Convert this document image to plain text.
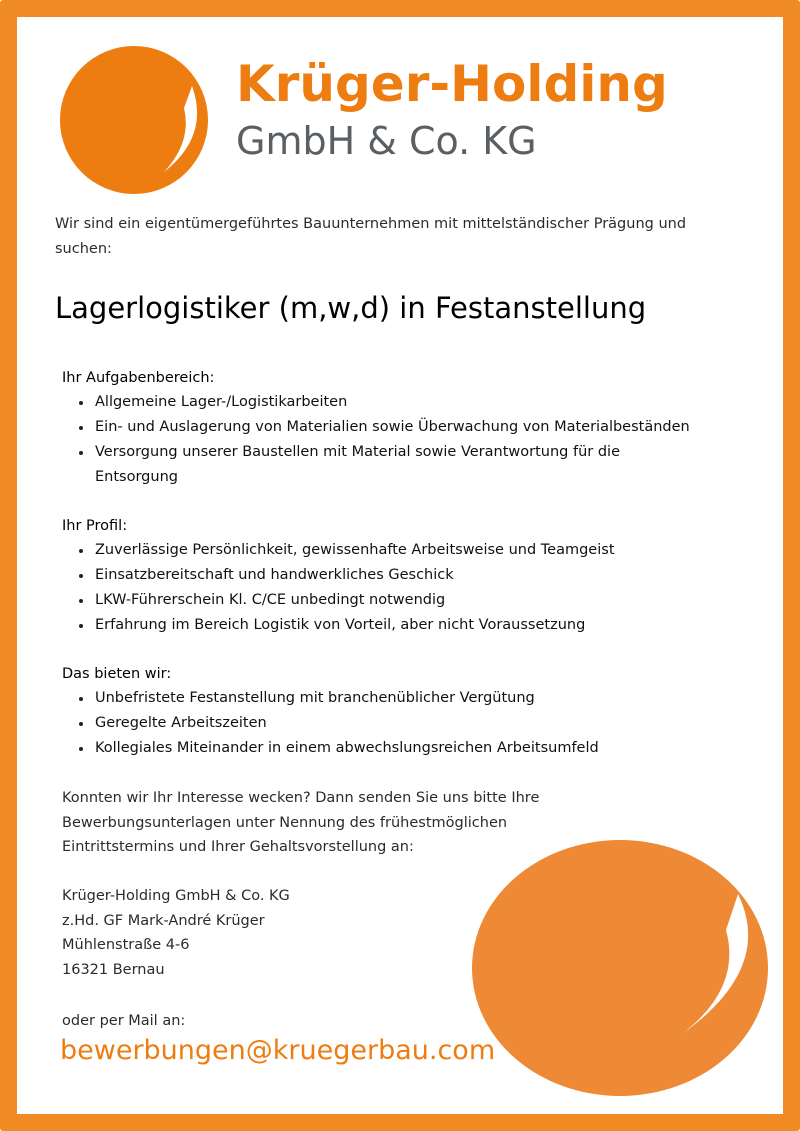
Krüger-Holding
GmbH & Co. KG
Wir sind ein eigentümergeführtes Bauunternehmen mit mittelständischer Prägung und suchen:
Lagerlogistiker (m,w,d) in Festanstellung
Ihr Aufgabenbereich:
Allgemeine Lager-/Logistikarbeiten
Ein- und Auslagerung von Materialien sowie Überwachung von Materialbeständen
Versorgung unserer Baustellen mit Material sowie Verantwortung für die Entsorgung
Ihr Profil:
Zuverlässige Persönlichkeit, gewissenhafte Arbeitsweise und Teamgeist
Einsatzbereitschaft und handwerkliches Geschick
LKW-Führerschein Kl. C/CE unbedingt notwendig
Erfahrung im Bereich Logistik von Vorteil, aber nicht Voraussetzung
Das bieten wir:
Unbefristete Festanstellung mit branchenüblicher Vergütung
Geregelte Arbeitszeiten
Kollegiales Miteinander in einem abwechslungsreichen Arbeitsumfeld
Konnten wir Ihr Interesse wecken? Dann senden Sie uns bitte Ihre
Bewerbungsunterlagen unter Nennung des frühestmöglichen
Eintrittstermins und Ihrer Gehaltsvorstellung an:
Krüger-Holding GmbH & Co. KG
z.Hd. GF Mark-André Krüger
Mühlenstraße 4-6
16321 Bernau
oder per Mail an:
bewerbungen@kruegerbau.com
